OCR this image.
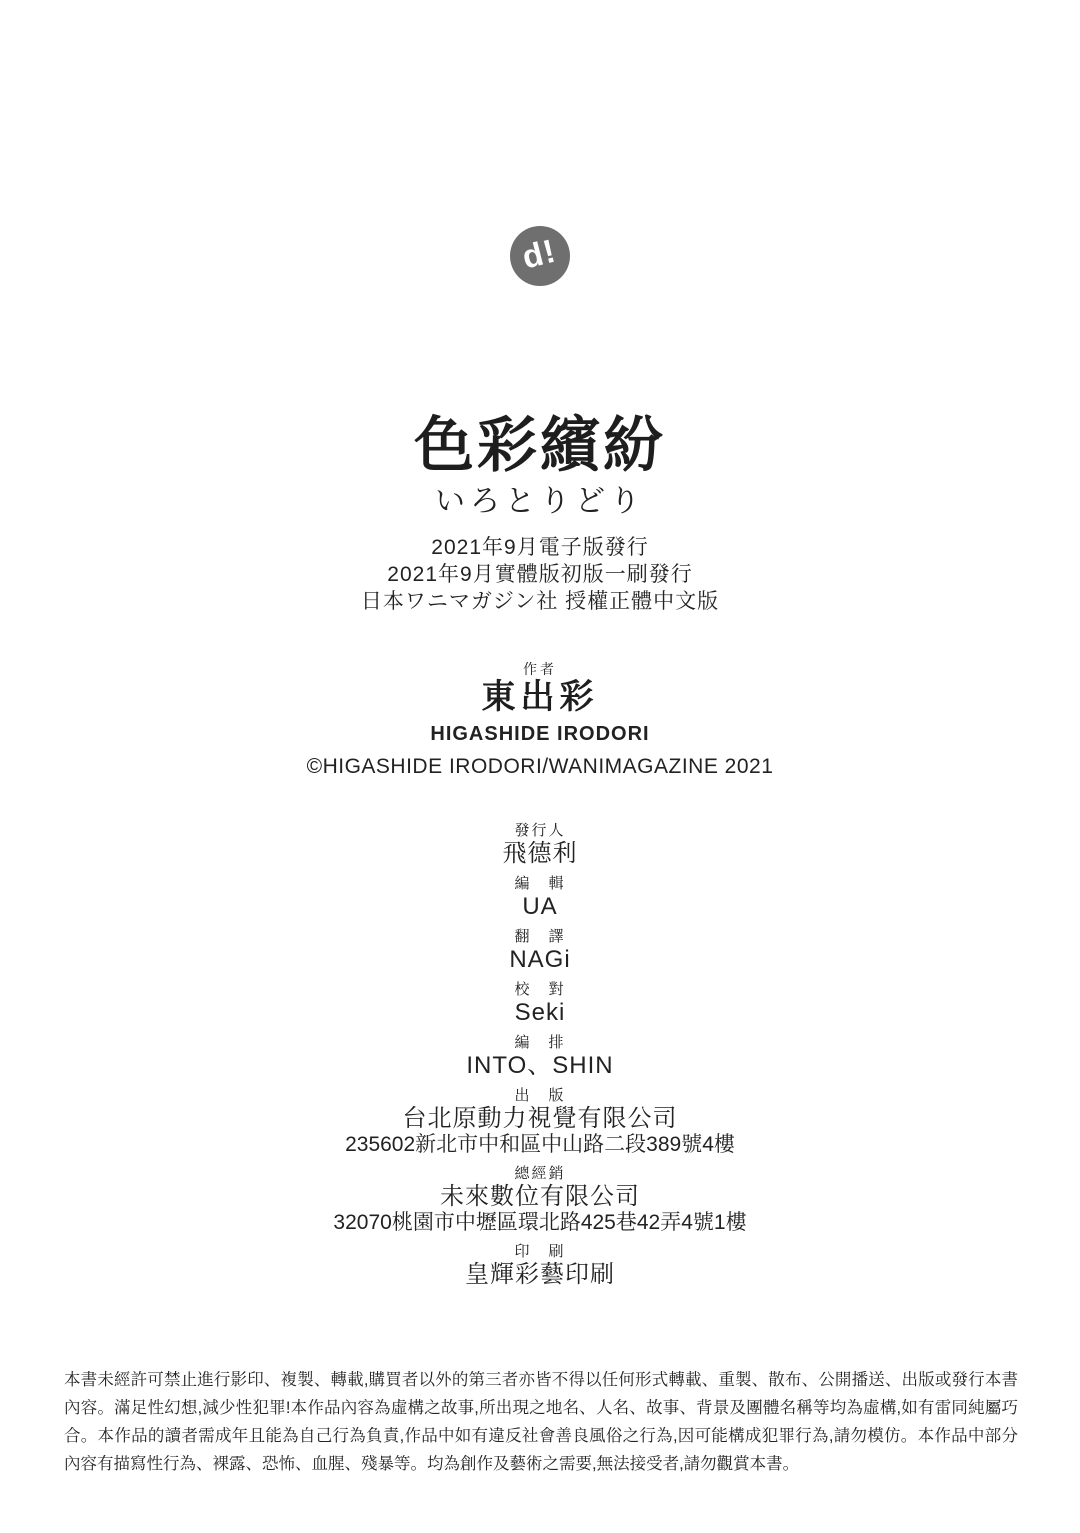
d!
色彩繽紛
いろとりどり
2021年9月電子版發行
2021年9月實體版初版一刷發行
日本ワニマガジン社 授權正體中文版
作者
東出彩
HIGASHIDE IRODORI
©HIGASHIDE IRODORI/WANIMAGAZINE 2021
發行人
飛德利
編　輯
UA
翻　譯
NAGi
校　對
Seki
編　排
INTO、SHIN
出　版
台北原動力視覺有限公司
235602新北市中和區中山路二段389號4樓
總經銷
未來數位有限公司
32070桃園市中壢區環北路425巷42弄4號1樓
印　刷
皇輝彩藝印刷

本書未經許可禁止進行影印、複製、轉載,購買者以外的第三者亦皆不得以任何形式轉載、重製、散布、公開播送、出版或發行本書內容。滿足性幻想,減少性犯罪!本作品內容為虛構之故事,所出現之地名、人名、故事、背景及團體名稱等均為虛構,如有雷同純屬巧合。本作品的讀者需成年且能為自己行為負責,作品中如有違反社會善良風俗之行為,因可能構成犯罪行為,請勿模仿。本作品中部分內容有描寫性行為、裸露、恐怖、血腥、殘暴等。均為創作及藝術之需要,無法接受者,請勿觀賞本書。
